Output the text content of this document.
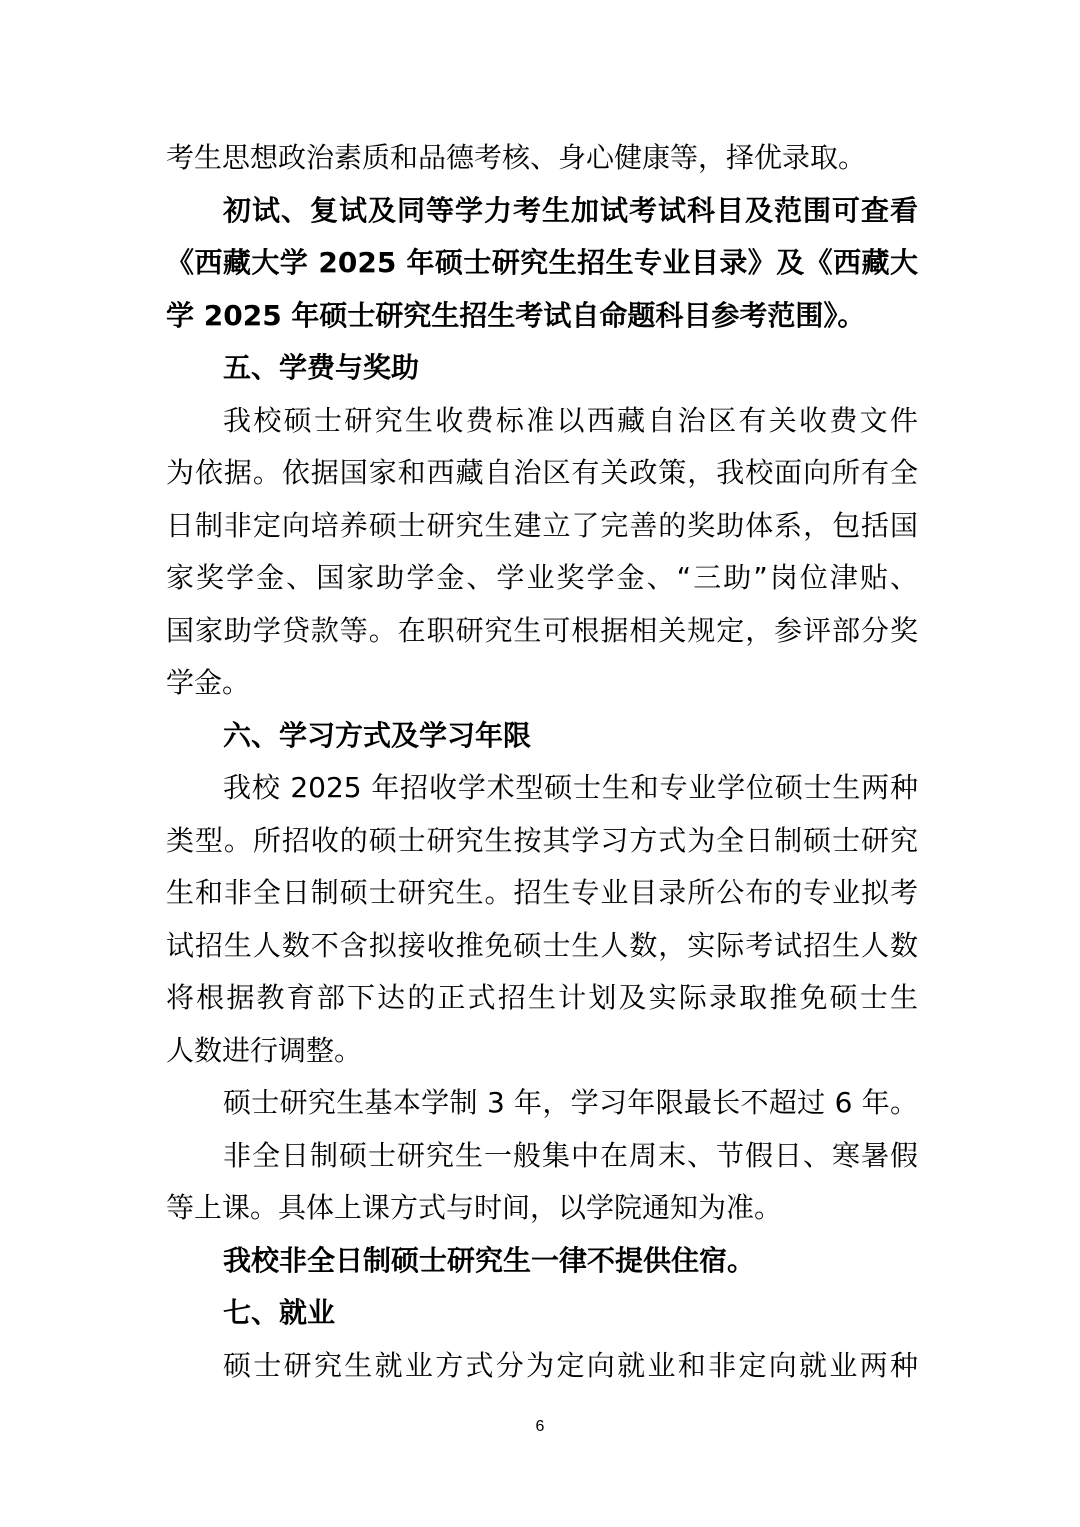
考生思想政治素质和品德考核、身心健康等，择优录取。
初试、复试及同等学力考生加试考试科目及范围可查看
《西藏大学 2025 年硕士研究生招生专业目录》及《西藏大
学 2025 年硕士研究生招生考试自命题科目参考范围》。
五、学费与奖助
我校硕士研究生收费标准以西藏自治区有关收费文件
为依据。依据国家和西藏自治区有关政策，我校面向所有全
日制非定向培养硕士研究生建立了完善的奖助体系，包括国
家奖学金、国家助学金、学业奖学金、“三助”岗位津贴、
国家助学贷款等。在职研究生可根据相关规定，参评部分奖
学金。
六、学习方式及学习年限
我校 2025 年招收学术型硕士生和专业学位硕士生两种
类型。所招收的硕士研究生按其学习方式为全日制硕士研究
生和非全日制硕士研究生。招生专业目录所公布的专业拟考
试招生人数不含拟接收推免硕士生人数，实际考试招生人数
将根据教育部下达的正式招生计划及实际录取推免硕士生
人数进行调整。
硕士研究生基本学制 3 年，学习年限最长不超过 6 年。
非全日制硕士研究生一般集中在周末、节假日、寒暑假
等上课。具体上课方式与时间，以学院通知为准。
我校非全日制硕士研究生一律不提供住宿。
七、就业
硕士研究生就业方式分为定向就业和非定向就业两种
6
